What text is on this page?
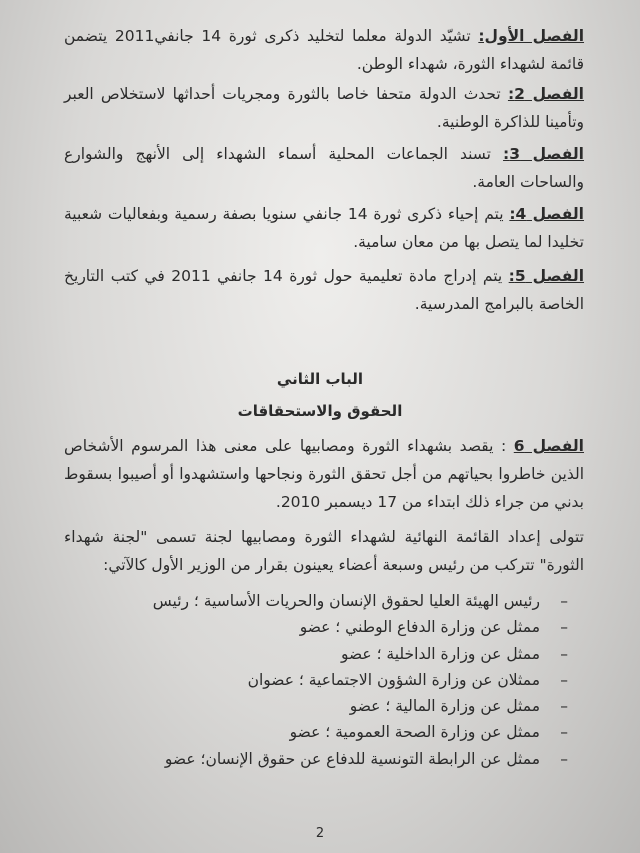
الفصل الأول: تشيّد الدولة معلما لتخليد ذكرى ثورة 14 جانفي2011 يتضمن قائمة لشهداء الثورة، شهداء الوطن.

الفصل 2: تحدث الدولة متحفا خاصا بالثورة ومجريات أحداثها لاستخلاص العبر وتأمينا للذاكرة الوطنية.

الفصل 3: تسند الجماعات المحلية أسماء الشهداء إلى الأنهج والشوارع والساحات العامة.

الفصل 4: يتم إحياء ذكرى ثورة 14 جانفي سنويا بصفة رسمية وبفعاليات شعبية تخليدا لما يتصل بها من معان سامية.

الفصل 5: يتم إدراج مادة تعليمية حول ثورة 14 جانفي 2011 في كتب التاريخ الخاصة بالبرامج المدرسية.

الباب الثاني
الحقوق والاستحقاقات

الفصل 6 : يقصد بشهداء الثورة ومصابيها على معنى هذا المرسوم الأشخاص الذين خاطروا بحياتهم من أجل تحقق الثورة ونجاحها واستشهدوا أو أصيبوا بسقوط بدني من جراء ذلك ابتداء من 17 ديسمبر 2010.

تتولى إعداد القائمة النهائية لشهداء الثورة ومصابيها لجنة تسمى "لجنة شهداء الثورة" تتركب من رئيس وسبعة أعضاء يعينون بقرار من الوزير الأول كالآتي:

–
رئيس الهيئة العليا لحقوق الإنسان والحريات الأساسية ؛ رئيس
–
ممثل عن وزارة الدفاع الوطني ؛ عضو
–
ممثل عن وزارة الداخلية ؛ عضو
–
ممثلان عن وزارة الشؤون الاجتماعية ؛ عضوان
–
ممثل عن وزارة المالية ؛ عضو
–
ممثل عن وزارة الصحة العمومية ؛ عضو
–
ممثل عن الرابطة التونسية للدفاع عن حقوق الإنسان؛ عضو
2
